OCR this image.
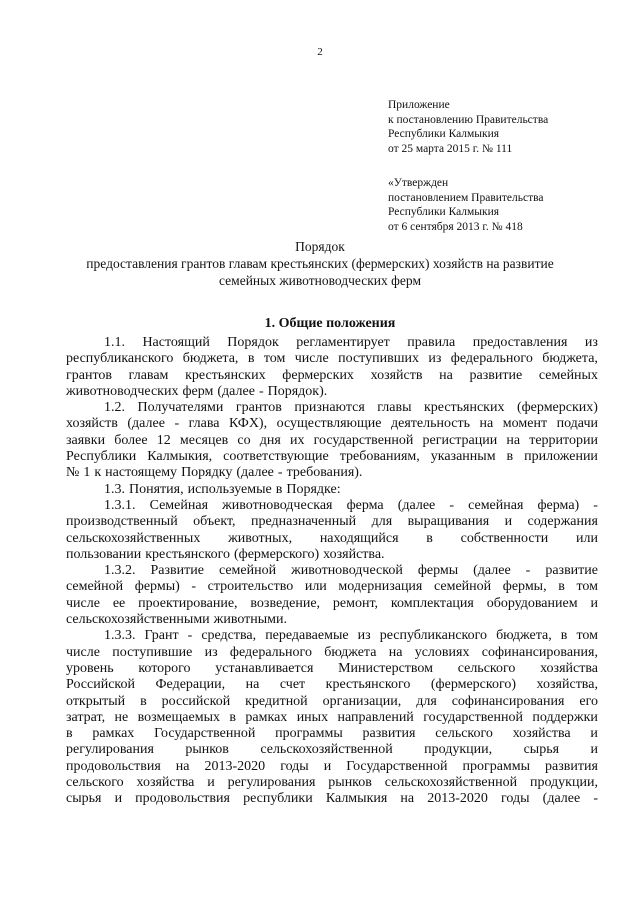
2
Приложение
к постановлению Правительства
Республики Калмыкия
от 25 марта 2015 г. № 111
«Утвержден
постановлением Правительства
Республики Калмыкия
от 6 сентября 2013 г. № 418
Порядок
предоставления грантов главам крестьянских (фермерских) хозяйств на развитие
семейных животноводческих ферм
1. Общие положения
1.1. Настоящий Порядок регламентирует правила предоставления из
республиканского бюджета, в том числе поступивших из федерального бюджета,
грантов главам крестьянских фермерских хозяйств на развитие семейных
животноводческих ферм (далее - Порядок).
1.2. Получателями грантов признаются главы крестьянских (фермерских)
хозяйств (далее - глава КФХ), осуществляющие деятельность на момент подачи
заявки более 12 месяцев со дня их государственной регистрации на территории
Республики Калмыкия, соответствующие требованиям, указанным в приложении
№ 1 к настоящему Порядку (далее - требования).
1.3. Понятия, используемые в Порядке:
1.3.1. Семейная животноводческая ферма (далее - семейная ферма) -
производственный объект, предназначенный для выращивания и содержания
сельскохозяйственных животных, находящийся в собственности или
пользовании крестьянского (фермерского) хозяйства.
1.3.2. Развитие семейной животноводческой фермы (далее - развитие
семейной фермы) - строительство или модернизация семейной фермы, в том
числе ее проектирование, возведение, ремонт, комплектация оборудованием и
сельскохозяйственными животными.
1.3.3. Грант - средства, передаваемые из республиканского бюджета, в том
числе поступившие из федерального бюджета на условиях софинансирования,
уровень которого устанавливается Министерством сельского хозяйства
Российской Федерации, на счет крестьянского (фермерского) хозяйства,
открытый в российской кредитной организации, для софинансирования его
затрат, не возмещаемых в рамках иных направлений государственной поддержки
в рамках Государственной программы развития сельского хозяйства и
регулирования рынков сельскохозяйственной продукции, сырья и
продовольствия на 2013-2020 годы и Государственной программы развития
сельского хозяйства и регулирования рынков сельскохозяйственной продукции,
сырья и продовольствия республики Калмыкия на 2013-2020 годы (далее -
